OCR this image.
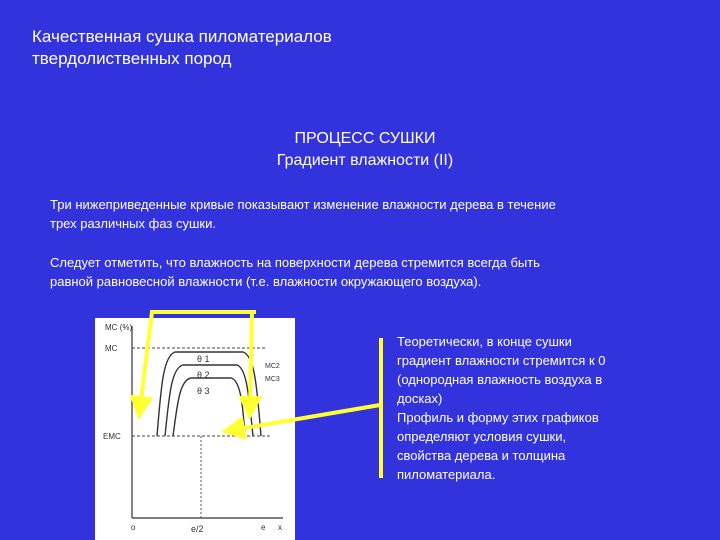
Качественная сушка пиломатериалов
твердолиственных пород
ПРОЦЕСС СУШКИ
Градиент влажности (II)
Три нижеприведенные кривые показывают изменение влажности дерева в течение
трех различных фаз сушки.
Следует отметить, что влажность на поверхности дерева стремится всегда быть
равной равновесной влажности (т.е. влажности окружающего воздуха).
MC (%)
MC
EMC
o	e/2	e x
θ 1
θ 2
θ 3
MC2
MC3
Теоретически, в конце сушки
градиент влажности стремится к 0
(однородная влажность воздуха в
досках)
Профиль и форму этих графиков
определяют условия сушки,
свойства дерева и толщина
пиломатериала.
